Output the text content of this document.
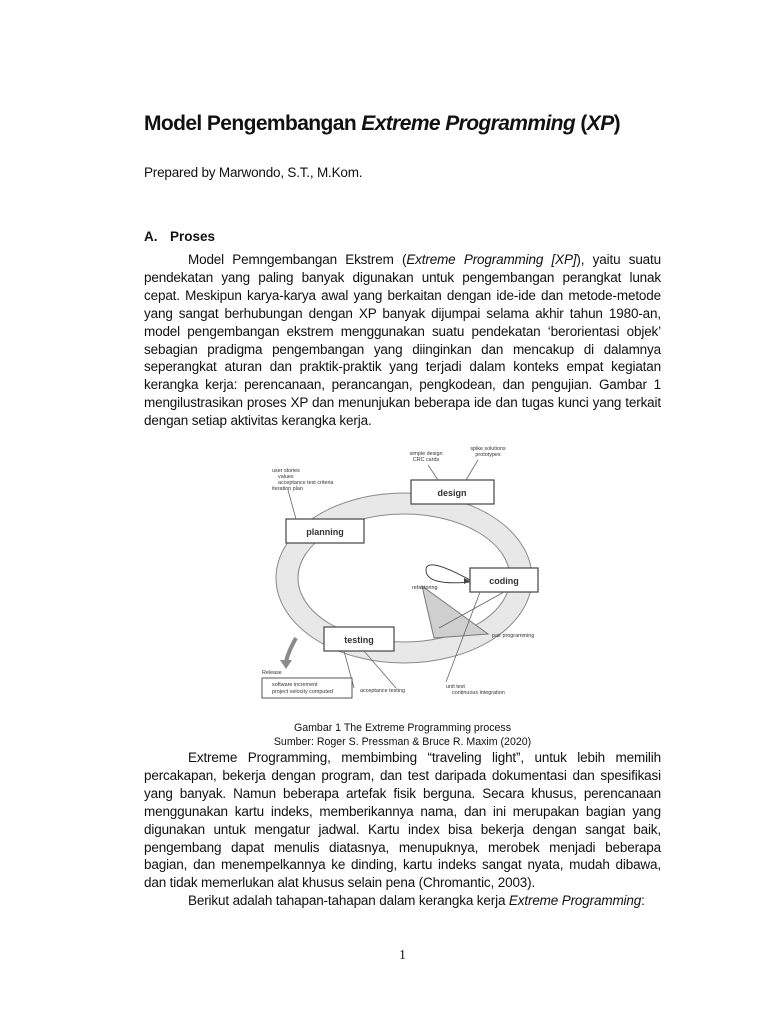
Model Pengembangan Extreme Programming (XP)
Prepared by Marwondo, S.T., M.Kom.
A. Proses
Model Pemngembangan Ekstrem (Extreme Programming [XP]), yaitu suatu pendekatan yang paling banyak digunakan untuk pengembangan perangkat lunak cepat. Meskipun karya-karya awal yang berkaitan dengan ide-ide dan metode-metode yang sangat berhubungan dengan XP banyak dijumpai selama akhir tahun 1980-an, model pengembangan ekstrem menggunakan suatu pendekatan ‘berorientasi objek’ sebagian pradigma pengembangan yang diinginkan dan mencakup di dalamnya seperangkat aturan dan praktik-praktik yang terjadi dalam konteks empat kegiatan kerangka kerja: perencanaan, perancangan, pengkodean, dan pengujian. Gambar 1 mengilustrasikan proses XP dan menunjukan beberapa ide dan tugas kunci yang terkait dengan setiap aktivitas kerangka kerja.
design
planning
coding
testing
simple design
CRC cards
spike solutions
prototypes
user stories
values
acceptance test criteria
iteration plan
refactoring
pair programming
Release
unit test
continuous integration
acceptance testing
software increment
project velocity computed
Gambar 1 The Extreme Programming process
Sumber: Roger S. Pressman & Bruce R. Maxim (2020)
Extreme Programming, membimbing “traveling light”, untuk lebih memilih percakapan, bekerja dengan program, dan test daripada dokumentasi dan spesifikasi yang banyak. Namun beberapa artefak fisik berguna. Secara khusus, perencanaan menggunakan kartu indeks, memberikannya nama, dan ini merupakan bagian yang digunakan untuk mengatur jadwal. Kartu index bisa bekerja dengan sangat baik, pengembang dapat menulis diatasnya, menupuknya, merobek menjadi beberapa bagian, dan menempelkannya ke dinding, kartu indeks sangat nyata, mudah dibawa, dan tidak memerlukan alat khusus selain pena (Chromantic, 2003).
Berikut adalah tahapan-tahapan dalam kerangka kerja Extreme Programming:
1
